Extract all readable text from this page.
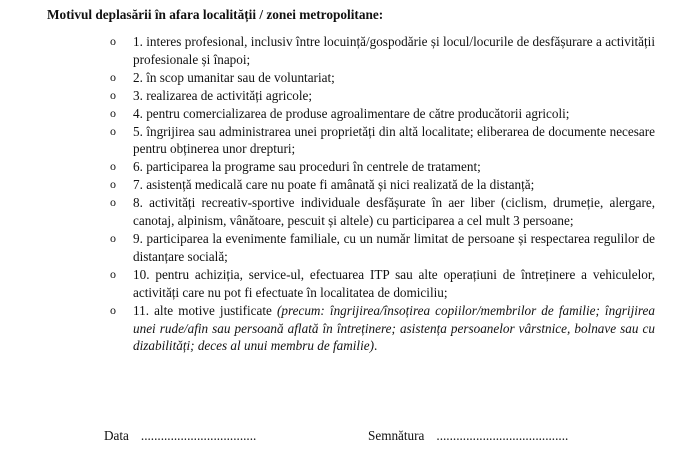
Motivul deplasării în afara localității / zonei metropolitane:
o 1. interes profesional, inclusiv între locuință/gospodărie și locul/locurile de desfășurare a activității profesionale și înapoi;
o 2. în scop umanitar sau de voluntariat;
o 3. realizarea de activități agricole;
o 4. pentru comercializarea de produse agroalimentare de către producătorii agricoli;
o 5. îngrijirea sau administrarea unei proprietăți din altă localitate; eliberarea de documente necesare pentru obținerea unor drepturi;
o 6. participarea la programe sau proceduri în centrele de tratament;
o 7. asistență medicală care nu poate fi amânată și nici realizată de la distanță;
o 8. activități recreativ-sportive individuale desfășurate în aer liber (ciclism, drumeție, alergare, canotaj, alpinism, vânătoare, pescuit și altele) cu participarea a cel mult 3 persoane;
o 9. participarea la evenimente familiale, cu un număr limitat de persoane și respectarea regulilor de distanțare socială;
o 10. pentru achiziția, service-ul, efectuarea ITP sau alte operațiuni de întreținere a vehiculelor, activități care nu pot fi efectuate în localitatea de domiciliu;
o 11. alte motive justificate (precum: îngrijirea/însoțirea copiilor/membrilor de familie; îngrijirea unei rude/afin sau persoană aflată în întreținere; asistența persoanelor vârstnice, bolnave sau cu dizabilități; deces al unui membru de familie).
Data ...................................	Semnătura ........................................
